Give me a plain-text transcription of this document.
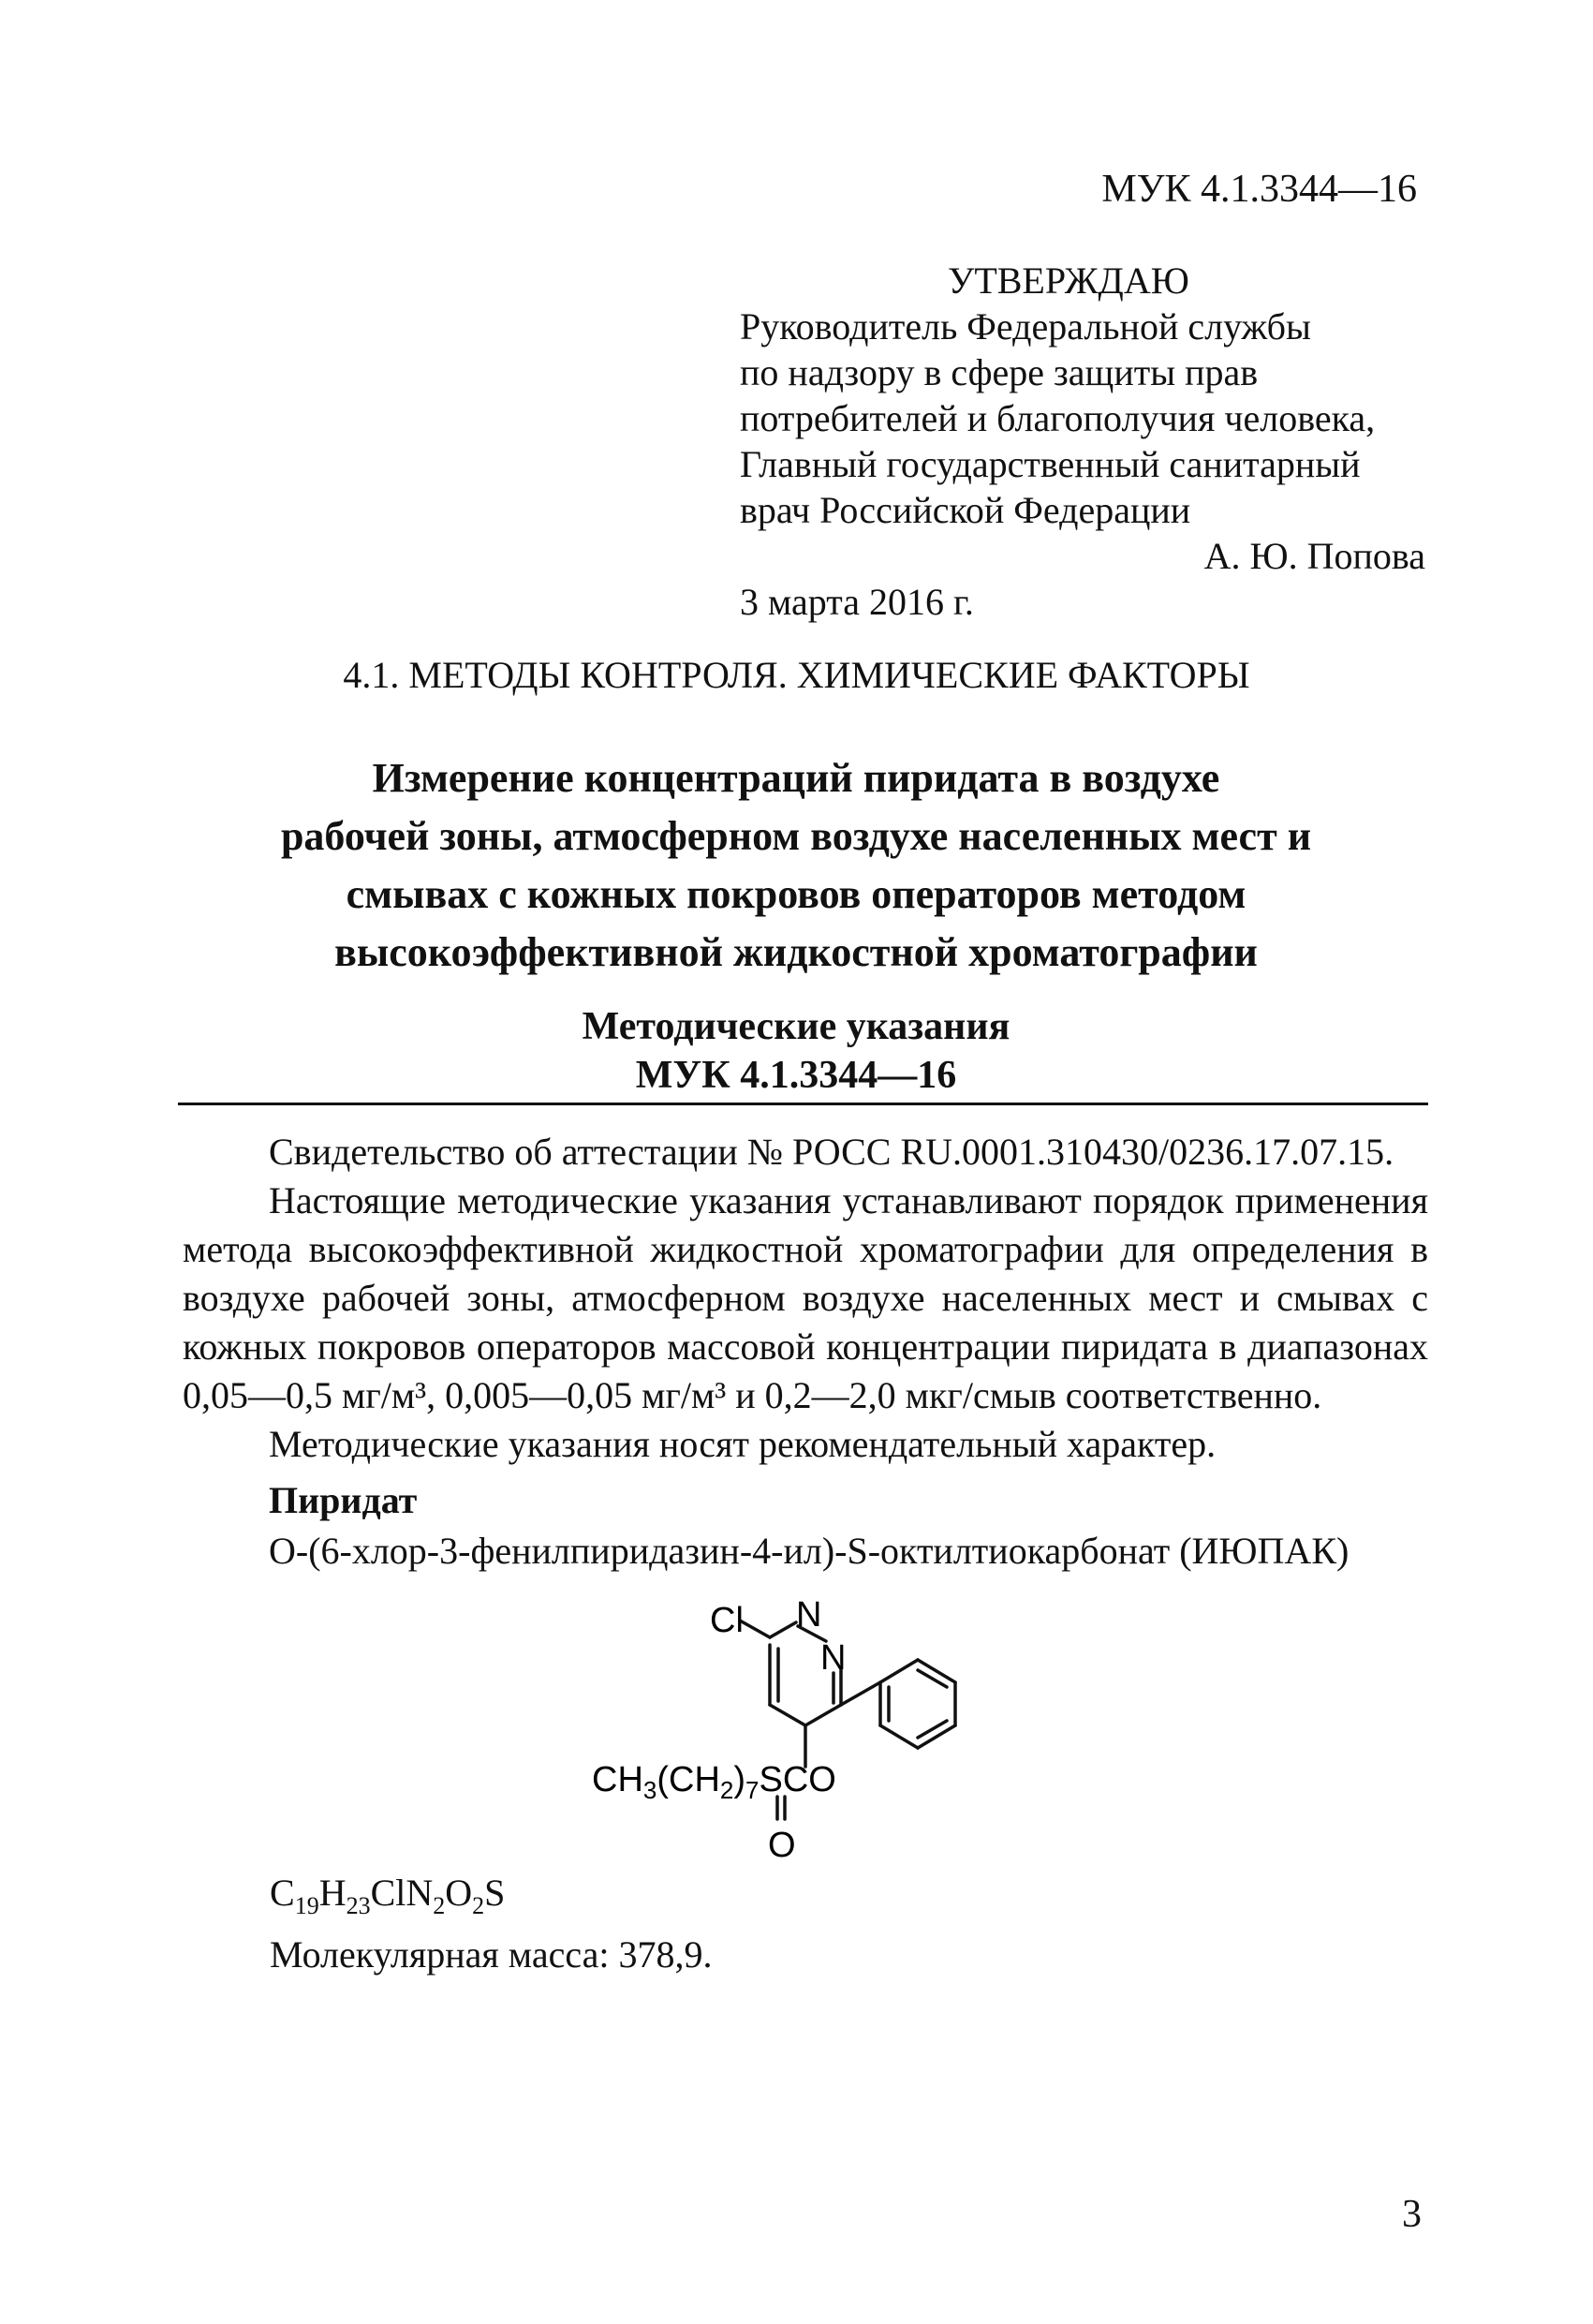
МУК 4.1.3344—16
УТВЕРЖДАЮ
Руководитель Федеральной службы
по надзору в сфере защиты прав
потребителей и благополучия человека,
Главный государственный санитарный
врач Российской Федерации
А. Ю. Попова
3 марта 2016 г.
4.1. МЕТОДЫ КОНТРОЛЯ. ХИМИЧЕСКИЕ ФАКТОРЫ
Измерение концентраций пиридата в воздухе
рабочей зоны, атмосферном воздухе населенных мест и
смывах с кожных покровов операторов методом
высокоэффективной жидкостной хроматографии
Методические указания
МУК 4.1.3344—16

Свидетельство об аттестации № РОСС RU.0001.310430/0236.17.07.15.

Настоящие методические указания устанавливают порядок применения метода высокоэффективной жидкостной хроматографии для определения в воздухе рабочей зоны, атмосферном воздухе населенных мест и смывах с кожных покровов операторов массовой концентрации пиридата в диапазонах 0,05—0,5 мг/м³, 0,005—0,05 мг/м³ и 0,2—2,0 мкг/смыв соответственно.

Методические указания носят рекомендательный характер.

Пиридат
O-(6-хлор-3-фенилпиридазин-4-ил)-S-октилтиокарбонат (ИЮПАК)
Cl N
N
$CH_3(CH_2)_7SCO$
O
$C_{19}H_{23}ClN_2O_2S$
Молекулярная масса: 378,9.
3
